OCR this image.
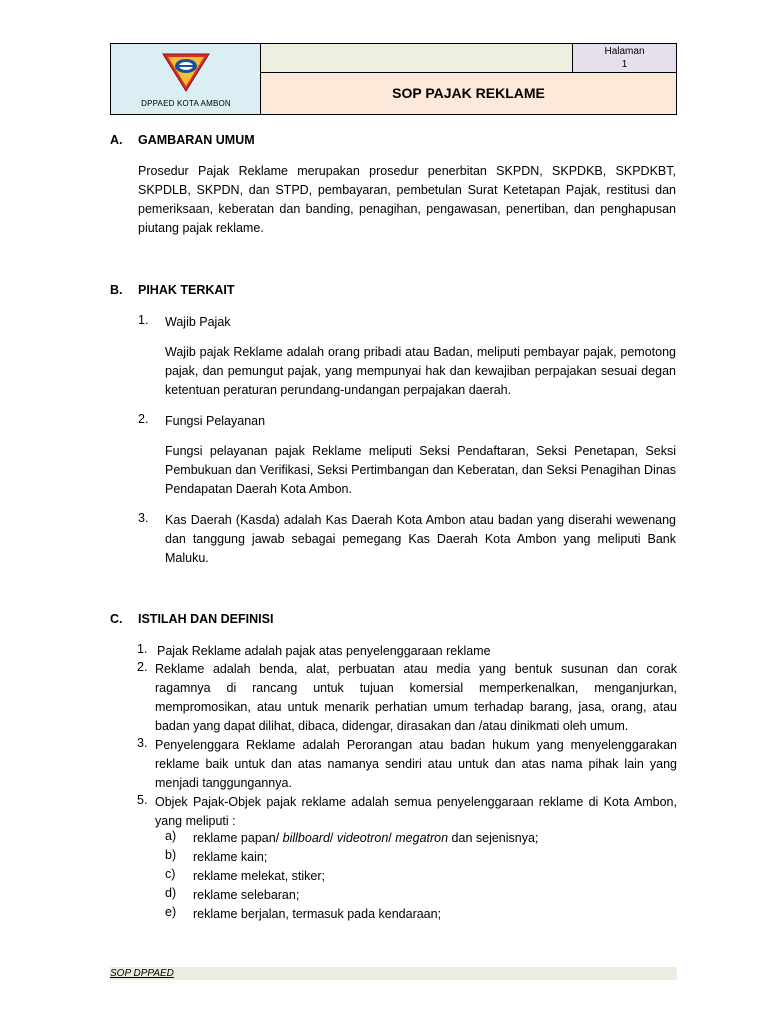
DPPAED KOTA AMBON
Halaman
1
SOP PAJAK REKLAME
A. GAMBARAN UMUM

Prosedur Pajak Reklame merupakan prosedur penerbitan SKPDN, SKPDKB, SKPDKBT, SKPDLB, SKPDN, dan STPD, pembayaran, pembetulan Surat Ketetapan Pajak, restitusi dan pemeriksaan, keberatan dan banding, penagihan, pengawasan, penertiban, dan penghapusan piutang pajak reklame.

B. PIHAK TERKAIT
1. Wajib Pajak

Wajib pajak Reklame adalah orang pribadi atau Badan, meliputi pembayar pajak, pemotong pajak, dan pemungut pajak, yang mempunyai hak dan kewajiban perpajakan sesuai degan ketentuan peraturan perundang-undangan perpajakan daerah.

2. Fungsi Pelayanan

Fungsi pelayanan pajak Reklame meliputi Seksi Pendaftaran, Seksi Penetapan, Seksi Pembukuan dan Verifikasi, Seksi Pertimbangan dan Keberatan, dan Seksi Penagihan Dinas Pendapatan Daerah Kota Ambon.

3. Kas Daerah (Kasda) adalah Kas Daerah Kota Ambon atau badan yang diserahi wewenang dan tanggung jawab sebagai pemegang Kas Daerah Kota Ambon yang meliputi Bank Maluku.

C. ISTILAH DAN DEFINISI
1. Pajak Reklame adalah pajak atas penyelenggaraan reklame

2. Reklame adalah benda, alat, perbuatan atau media yang bentuk susunan dan corak ragamnya di rancang untuk tujuan komersial memperkenalkan, menganjurkan, mempromosikan, atau untuk menarik perhatian umum terhadap barang, jasa, orang, atau badan yang dapat dilihat, dibaca, didengar, dirasakan dan /atau dinikmati oleh umum.

3. Penyelenggara Reklame adalah Perorangan atau badan hukum yang menyelenggarakan reklame baik untuk dan atas namanya sendiri atau untuk dan atas nama pihak lain yang menjadi tanggungannya.

5. Objek Pajak-Objek pajak reklame adalah semua penyelenggaraan reklame di Kota Ambon, yang meliputi :

a) reklame papan/ billboard/ videotron/ megatron dan sejenisnya;
b) reklame kain;
c) reklame melekat, stiker;
d) reklame selebaran;
e) reklame berjalan, termasuk pada kendaraan;
SOP DPPAED
